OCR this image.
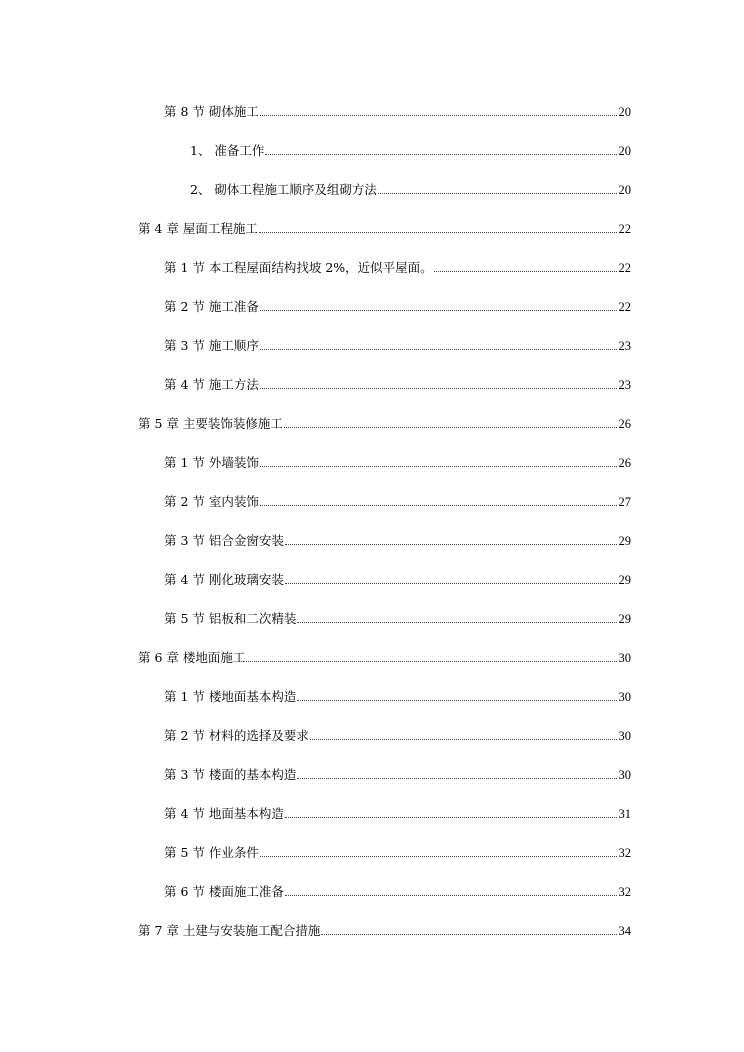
第 8 节 砌体施工	20
1、 准备工作	20
2、 砌体工程施工顺序及组砌方法	20
第 4 章 屋面工程施工	22
第 1 节 本工程屋面结构找坡 2%，近似平屋面。	22
第 2 节 施工准备	22
第 3 节 施工顺序	23
第 4 节 施工方法	23
第 5 章 主要装饰装修施工	26
第 1 节 外墙装饰	26
第 2 节 室内装饰	27
第 3 节 铝合金窗安装	29
第 4 节 刚化玻璃安装	29
第 5 节 铝板和二次精装	29
第 6 章 楼地面施工	30
第 1 节 楼地面基本构造	30
第 2 节 材料的选择及要求	30
第 3 节 楼面的基本构造	30
第 4 节 地面基本构造	31
第 5 节 作业条件	32
第 6 节 楼面施工准备	32
第 7 章 土建与安装施工配合措施	34
